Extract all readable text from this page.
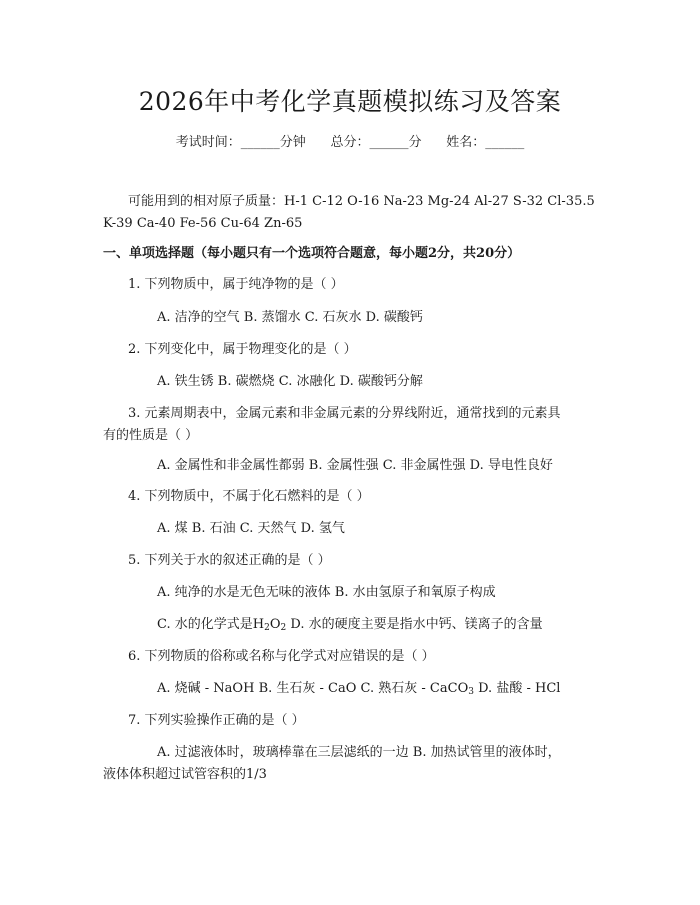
2026年中考化学真题模拟练习及答案
考试时间：______分钟      总分：______分      姓名：______
可能用到的相对原子质量：H-1 C-12 O-16 Na-23 Mg-24 Al-27 S-32 Cl-35.5
K-39 Ca-40 Fe-56 Cu-64 Zn-65
一、单项选择题（每小题只有一个选项符合题意，每小题2分，共20分）
1. 下列物质中，属于纯净物的是（ ）
A. 洁净的空气 B. 蒸馏水 C. 石灰水 D. 碳酸钙
2. 下列变化中，属于物理变化的是（ ）
A. 铁生锈 B. 碳燃烧 C. 冰融化 D. 碳酸钙分解
3. 元素周期表中，金属元素和非金属元素的分界线附近，通常找到的元素具
有的性质是（ ）
A. 金属性和非金属性都弱 B. 金属性强 C. 非金属性强 D. 导电性良好
4. 下列物质中，不属于化石燃料的是（ ）
A. 煤 B. 石油 C. 天然气 D. 氢气
5. 下列关于水的叙述正确的是（ ）
A. 纯净的水是无色无味的液体 B. 水由氢原子和氧原子构成
C. 水的化学式是$H_2O_2$ D. 水的硬度主要是指水中钙、镁离子的含量
6. 下列物质的俗称或名称与化学式对应错误的是（ ）
A. 烧碱 - NaOH B. 生石灰 - CaO C. 熟石灰 - CaCO$_3$ D. 盐酸 - HCl
7. 下列实验操作正确的是（ ）
A. 过滤液体时，玻璃棒靠在三层滤纸的一边 B. 加热试管里的液体时，
液体体积超过试管容积的1/3
